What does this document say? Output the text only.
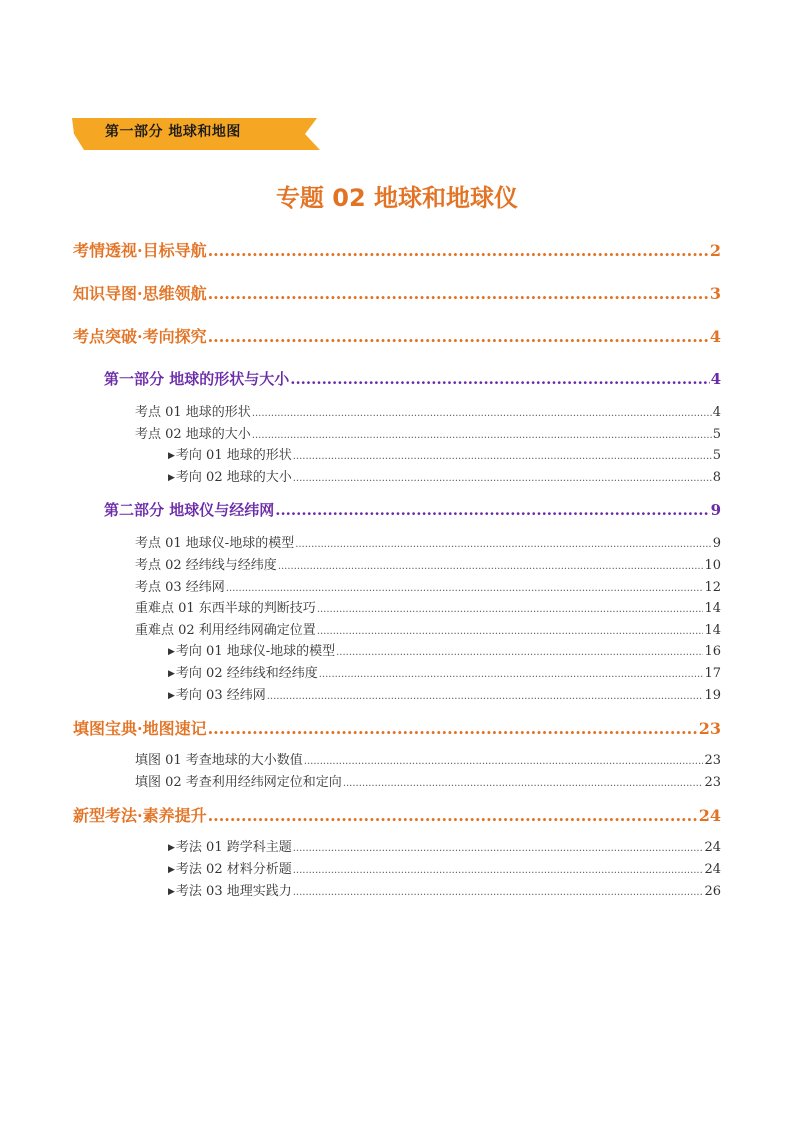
第一部分 地球和地图
专题 02 地球和地球仪
考情透视·目标导航 .....	2
知识导图·思维领航 .....	3
考点突破·考向探究 .....	4
第一部分 地球的形状与大小 .....	4
考点 01 地球的形状 .....	4
考点 02 地球的大小 .....	5
▶ 考向 01 地球的形状 .....	5
▶ 考向 02 地球的大小 .....	8
第二部分 地球仪与经纬网 .....	9
考点 01 地球仪-地球的模型 .....	9
考点 02 经纬线与经纬度 .....	10
考点 03 经纬网 .....	12
重难点 01 东西半球的判断技巧 .....	14
重难点 02 利用经纬网确定位置 .....	14
▶ 考向 01 地球仪-地球的模型 .....	16
▶ 考向 02 经纬线和经纬度 .....	17
▶ 考向 03 经纬网 .....	19
填图宝典·地图速记 .....	23
填图 01 考查地球的大小数值 .....	23
填图 02 考查利用经纬网定位和定向 .....	23
新型考法·素养提升 .....	24
▶ 考法 01 跨学科主题 .....	24
▶ 考法 02 材料分析题 .....	24
▶ 考法 03 地理实践力 .....	26
